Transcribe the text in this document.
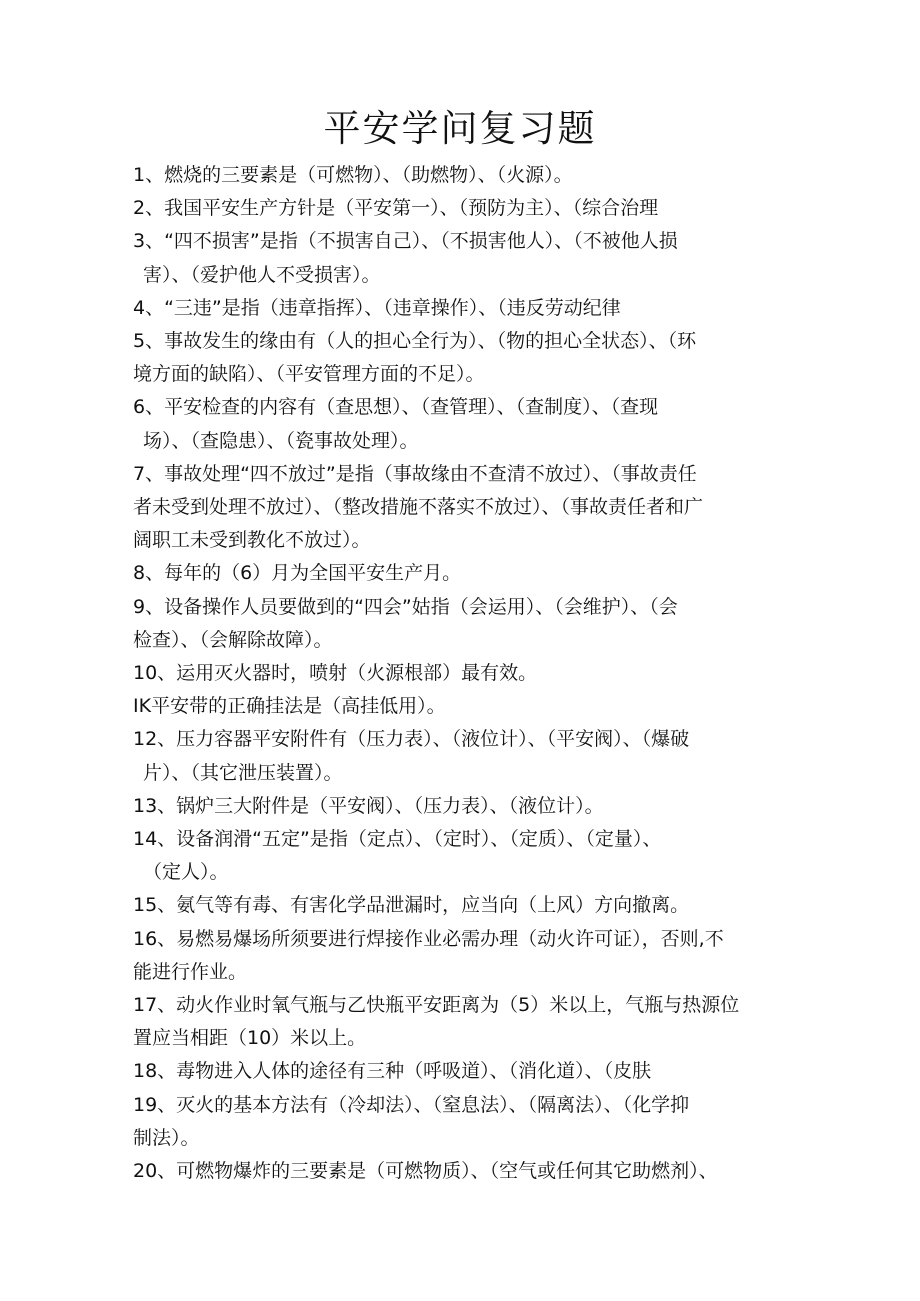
平安学问复习题
1、燃烧的三要素是（可燃物）、（助燃物）、（火源）。
2、我国平安生产方针是（平安第一）、（预防为主）、（综合治理
3、“四不损害”是指（不损害自己）、（不损害他人）、（不被他人损
害）、（爱护他人不受损害）。
4、“三违”是指（违章指挥）、（违章操作）、（违反劳动纪律
5、事故发生的缘由有（人的担心全行为）、（物的担心全状态）、（环
境方面的缺陷）、（平安管理方面的不足）。
6、平安检查的内容有（查思想）、（查管理）、（查制度）、（查现
场）、（查隐患）、（瓷事故处理）。
7、事故处理“四不放过”是指（事故缘由不查清不放过）、（事故责任
者未受到处理不放过）、（整改措施不落实不放过）、（事故责任者和广
阔职工未受到教化不放过）。
8、每年的（6）月为全国平安生产月。
9、设备操作人员要做到的“四会”姑指（会运用）、（会维护）、（会
检查）、（会解除故障）。
10、运用灭火器时，喷射（火源根部）最有效。
IK平安带的正确挂法是（高挂低用）。
12、压力容器平安附件有（压力表）、（液位计）、（平安阀）、（爆破
片）、（其它泄压装置）。
13、锅炉三大附件是（平安阀）、（压力表）、（液位计）。
14、设备润滑“五定”是指（定点）、（定时）、（定质）、（定量）、
（定人）。
15、氨气等有毒、有害化学品泄漏时，应当向（上风）方向撤离。
16、易燃易爆场所须要进行焊接作业必需办理（动火许可证），否则,不
能进行作业。
17、动火作业时氧气瓶与乙快瓶平安距离为（5）米以上，气瓶与热源位
置应当相距（10）米以上。
18、毒物进入人体的途径有三种（呼吸道）、（消化道）、（皮肤
19、灭火的基本方法有（冷却法）、（窒息法）、（隔离法）、（化学抑
制法）。
20、可燃物爆炸的三要素是（可燃物质）、（空气或任何其它助燃剂）、
